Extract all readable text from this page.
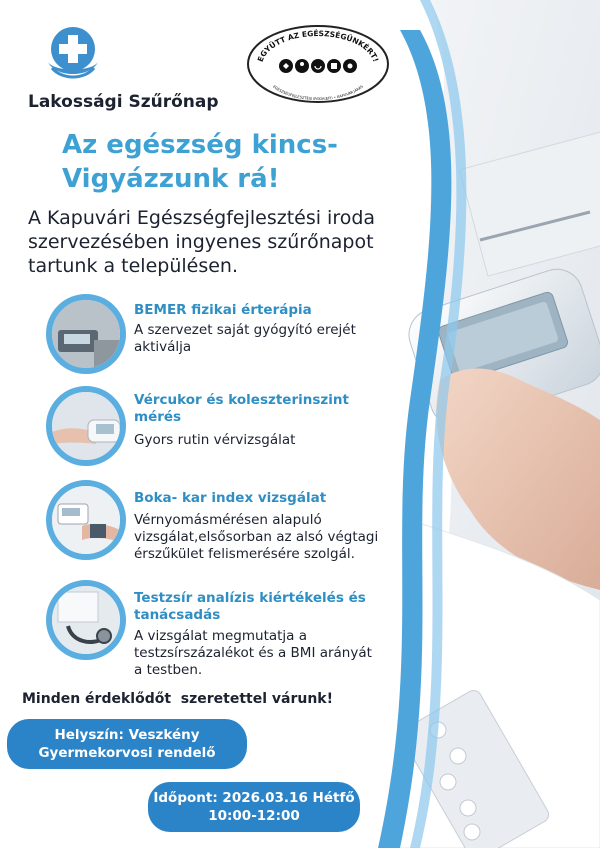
EGYÜTT AZ EGÉSZSÉGÜNKÉRT!
EGÉSZSÉGFEJLESZTÉSI IRODA(EFI) • KAPUVÁR JÁRÁS
Lakossági Szűrőnap
Az egészség kincs-
Vigyázzunk rá!
A Kapuvári Egészségfejlesztési iroda szervezésében ingyenes szűrőnapot tartunk a településen.
BEMER fizikai érterápia
A szervezet saját gyógyító erejét aktiválja
Vércukor és koleszterinszint mérés
Gyors rutin vérvizsgálat
Boka- kar index vizsgálat
Vérnyomásmérésen alapuló vizsgálat,elsősorban az alsó végtagi érszűkület felismerésére szolgál.
Testzsír analízis kiértékelés és tanácsadás
A vizsgálat megmutatja a testzsírszázalékot és a BMI arányát a testben.
Minden érdeklődőt  szeretettel várunk!
Helyszín: Veszkény
Gyermekorvosi rendelő
Időpont: 2026.03.16 Hétfő
10:00-12:00
